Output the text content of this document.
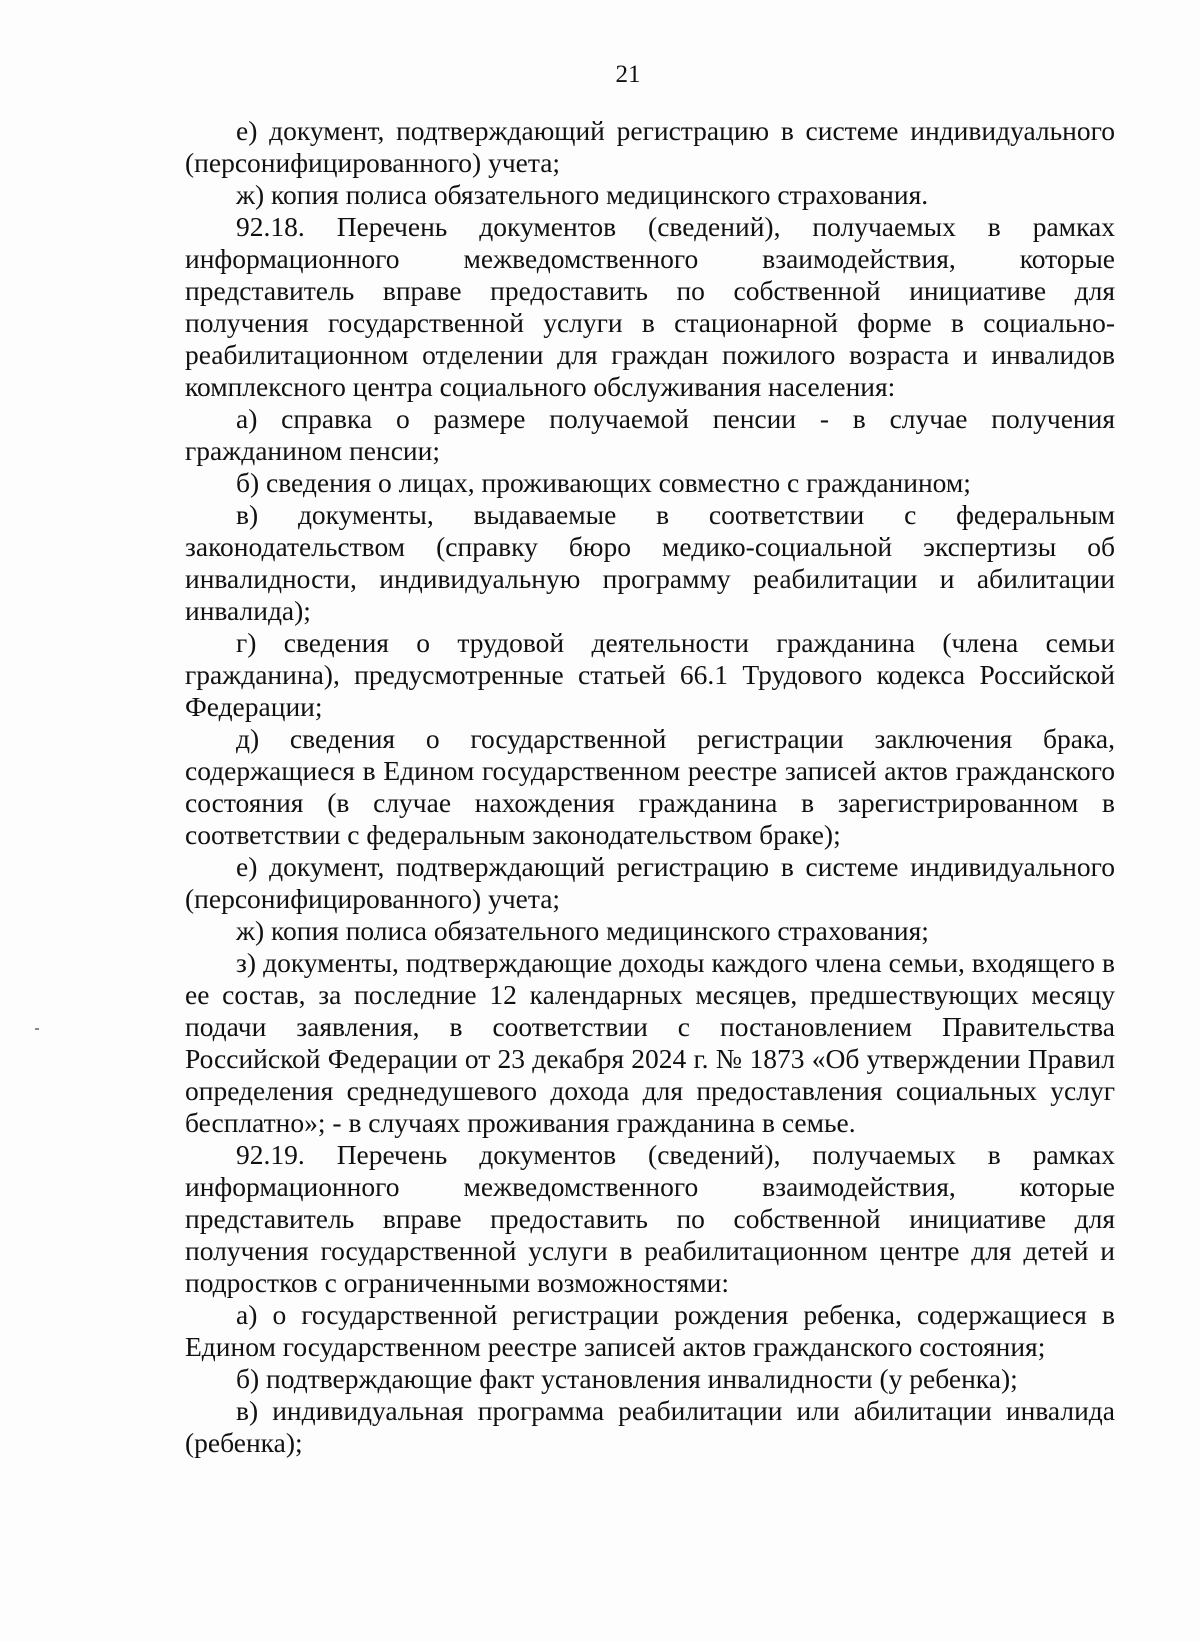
21

е) документ, подтверждающий регистрацию в системе индивидуального (персонифицированного) учета;

ж) копия полиса обязательного медицинского страхования.

92.18. Перечень документов (сведений), получаемых в рамках информационного межведомственного взаимодействия, которые представитель вправе предоставить по собственной инициативе для получения государственной услуги в стационарной форме в социально-реабилитационном отделении для граждан пожилого возраста и инвалидов комплексного центра социального обслуживания населения:

а) справка о размере получаемой пенсии - в случае получения гражданином пенсии;

б) сведения о лицах, проживающих совместно с гражданином;

в) документы, выдаваемые в соответствии с федеральным законодательством (справку бюро медико-социальной экспертизы об инвалидности, индивидуальную программу реабилитации и абилитации инвалида);

г) сведения о трудовой деятельности гражданина (члена семьи гражданина), предусмотренные статьей 66.1 Трудового кодекса Российской Федерации;

д) сведения о государственной регистрации заключения брака, содержащиеся в Едином государственном реестре записей актов гражданского состояния (в случае нахождения гражданина в зарегистрированном в соответствии с федеральным законодательством браке);

е) документ, подтверждающий регистрацию в системе индивидуального (персонифицированного) учета;

ж) копия полиса обязательного медицинского страхования;

з) документы, подтверждающие доходы каждого члена семьи, входящего в ее состав, за последние 12 календарных месяцев, предшествующих месяцу подачи заявления, в соответствии с постановлением Правительства Российской Федерации от 23 декабря 2024 г. № 1873 «Об утверждении Правил определения среднедушевого дохода для предоставления социальных услуг бесплатно»; - в случаях проживания гражданина в семье.

92.19. Перечень документов (сведений), получаемых в рамках информационного межведомственного взаимодействия, которые представитель вправе предоставить по собственной инициативе для получения государственной услуги в реабилитационном центре для детей и подростков с ограниченными возможностями:

а) о государственной регистрации рождения ребенка, содержащиеся в Едином государственном реестре записей актов гражданского состояния;

б) подтверждающие факт установления инвалидности (у ребенка);

в) индивидуальная программа реабилитации или абилитации инвалида (ребенка);
